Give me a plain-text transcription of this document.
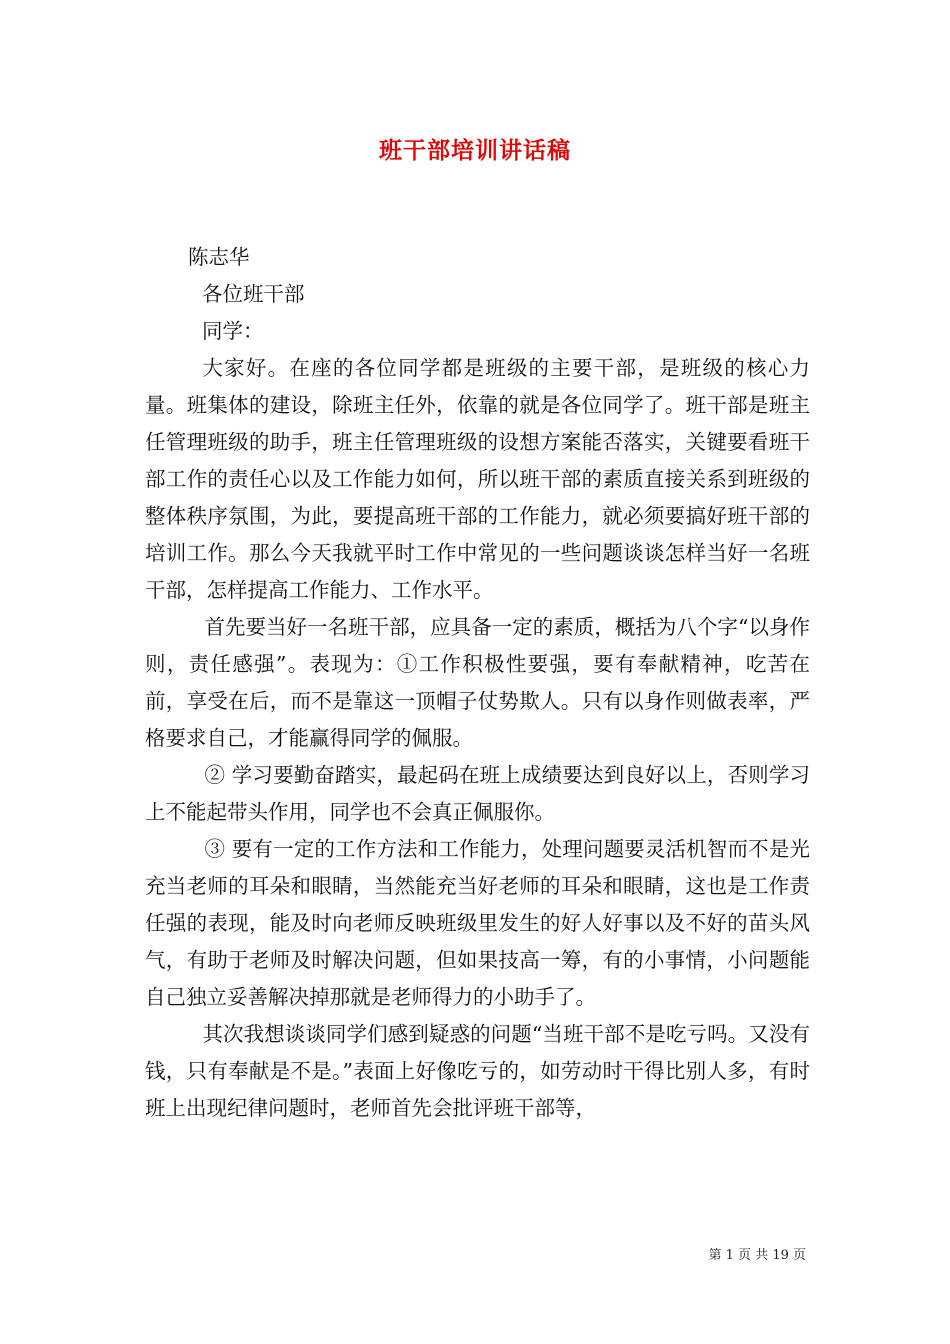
班干部培训讲话稿
陈志华
各位班干部
同学：

大家好。在座的各位同学都是班级的主要干部，是班级的核心力量。班集体的建设，除班主任外，依靠的就是各位同学了。班干部是班主任管理班级的助手，班主任管理班级的设想方案能否落实，关键要看班干部工作的责任心以及工作能力如何，所以班干部的素质直接关系到班级的整体秩序氛围，为此，要提高班干部的工作能力，就必须要搞好班干部的培训工作。那么今天我就平时工作中常见的一些问题谈谈怎样当好一名班干部，怎样提高工作能力、工作水平。

首先要当好一名班干部，应具备一定的素质，概括为八个字“以身作则，责任感强”。表现为：①工作积极性要强，要有奉献精神，吃苦在前，享受在后，而不是靠这一顶帽子仗势欺人。只有以身作则做表率，严格要求自己，才能赢得同学的佩服。

② 学习要勤奋踏实，最起码在班上成绩要达到良好以上，否则学习上不能起带头作用，同学也不会真正佩服你。

③ 要有一定的工作方法和工作能力，处理问题要灵活机智而不是光充当老师的耳朵和眼睛，当然能充当好老师的耳朵和眼睛，这也是工作责任强的表现，能及时向老师反映班级里发生的好人好事以及不好的苗头风气，有助于老师及时解决问题，但如果技高一筹，有的小事情，小问题能自己独立妥善解决掉那就是老师得力的小助手了。

其次我想谈谈同学们感到疑惑的问题“当班干部不是吃亏吗。又没有钱，只有奉献是不是。”表面上好像吃亏的，如劳动时干得比别人多，有时班上出现纪律问题时，老师首先会批评班干部等，

第 1 页 共 19 页
